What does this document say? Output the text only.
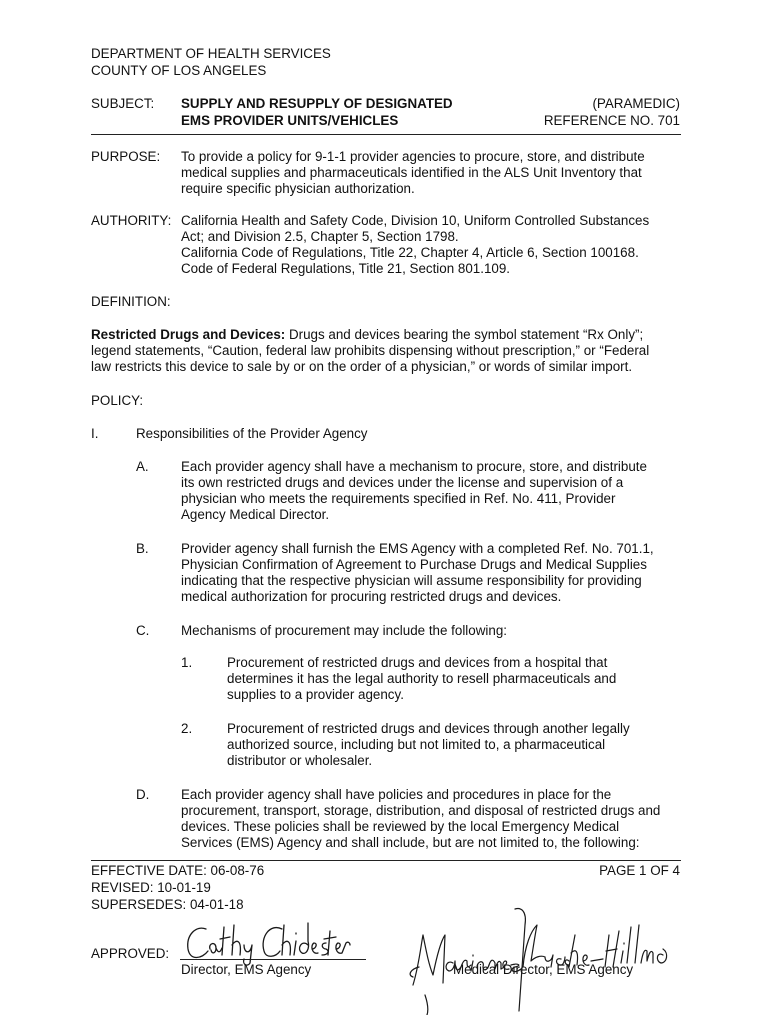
DEPARTMENT OF HEALTH SERVICES
COUNTY OF LOS ANGELES
SUBJECT: SUPPLY AND RESUPPLY OF DESIGNATED
EMS PROVIDER UNITS/VEHICLES
(PARAMEDIC)
REFERENCE NO. 701
PURPOSE: To provide a policy for 9-1-1 provider agencies to procure, store, and distribute
medical supplies and pharmaceuticals identified in the ALS Unit Inventory that
require specific physician authorization.
AUTHORITY: California Health and Safety Code, Division 10, Uniform Controlled Substances
Act; and Division 2.5, Chapter 5, Section 1798.
California Code of Regulations, Title 22, Chapter 4, Article 6, Section 100168.
Code of Federal Regulations, Title 21, Section 801.109.
DEFINITION:
Restricted Drugs and Devices: Drugs and devices bearing the symbol statement “Rx Only”;
legend statements, “Caution, federal law prohibits dispensing without prescription,” or “Federal
law restricts this device to sale by or on the order of a physician,” or words of similar import.
POLICY:
I.	Responsibilities of the Provider Agency
A. Each provider agency shall have a mechanism to procure, store, and distribute
its own restricted drugs and devices under the license and supervision of a
physician who meets the requirements specified in Ref. No. 411, Provider
Agency Medical Director.
B. Provider agency shall furnish the EMS Agency with a completed Ref. No. 701.1,
Physician Confirmation of Agreement to Purchase Drugs and Medical Supplies
indicating that the respective physician will assume responsibility for providing
medical authorization for procuring restricted drugs and devices.
C. Mechanisms of procurement may include the following:
1.	Procurement of restricted drugs and devices from a hospital that
determines it has the legal authority to resell pharmaceuticals and
supplies to a provider agency.
2.	Procurement of restricted drugs and devices through another legally
authorized source, including but not limited to, a pharmaceutical
distributor or wholesaler.
D. Each provider agency shall have policies and procedures in place for the
procurement, transport, storage, distribution, and disposal of restricted drugs and
devices. These policies shall be reviewed by the local Emergency Medical
Services (EMS) Agency and shall include, but are not limited to, the following:
EFFECTIVE DATE: 06-08-76	PAGE 1 OF 4
REVISED: 10-01-19
SUPERSEDES: 04-01-18
APPROVED:
Director, EMS Agency	Medical Director, EMS Agency
